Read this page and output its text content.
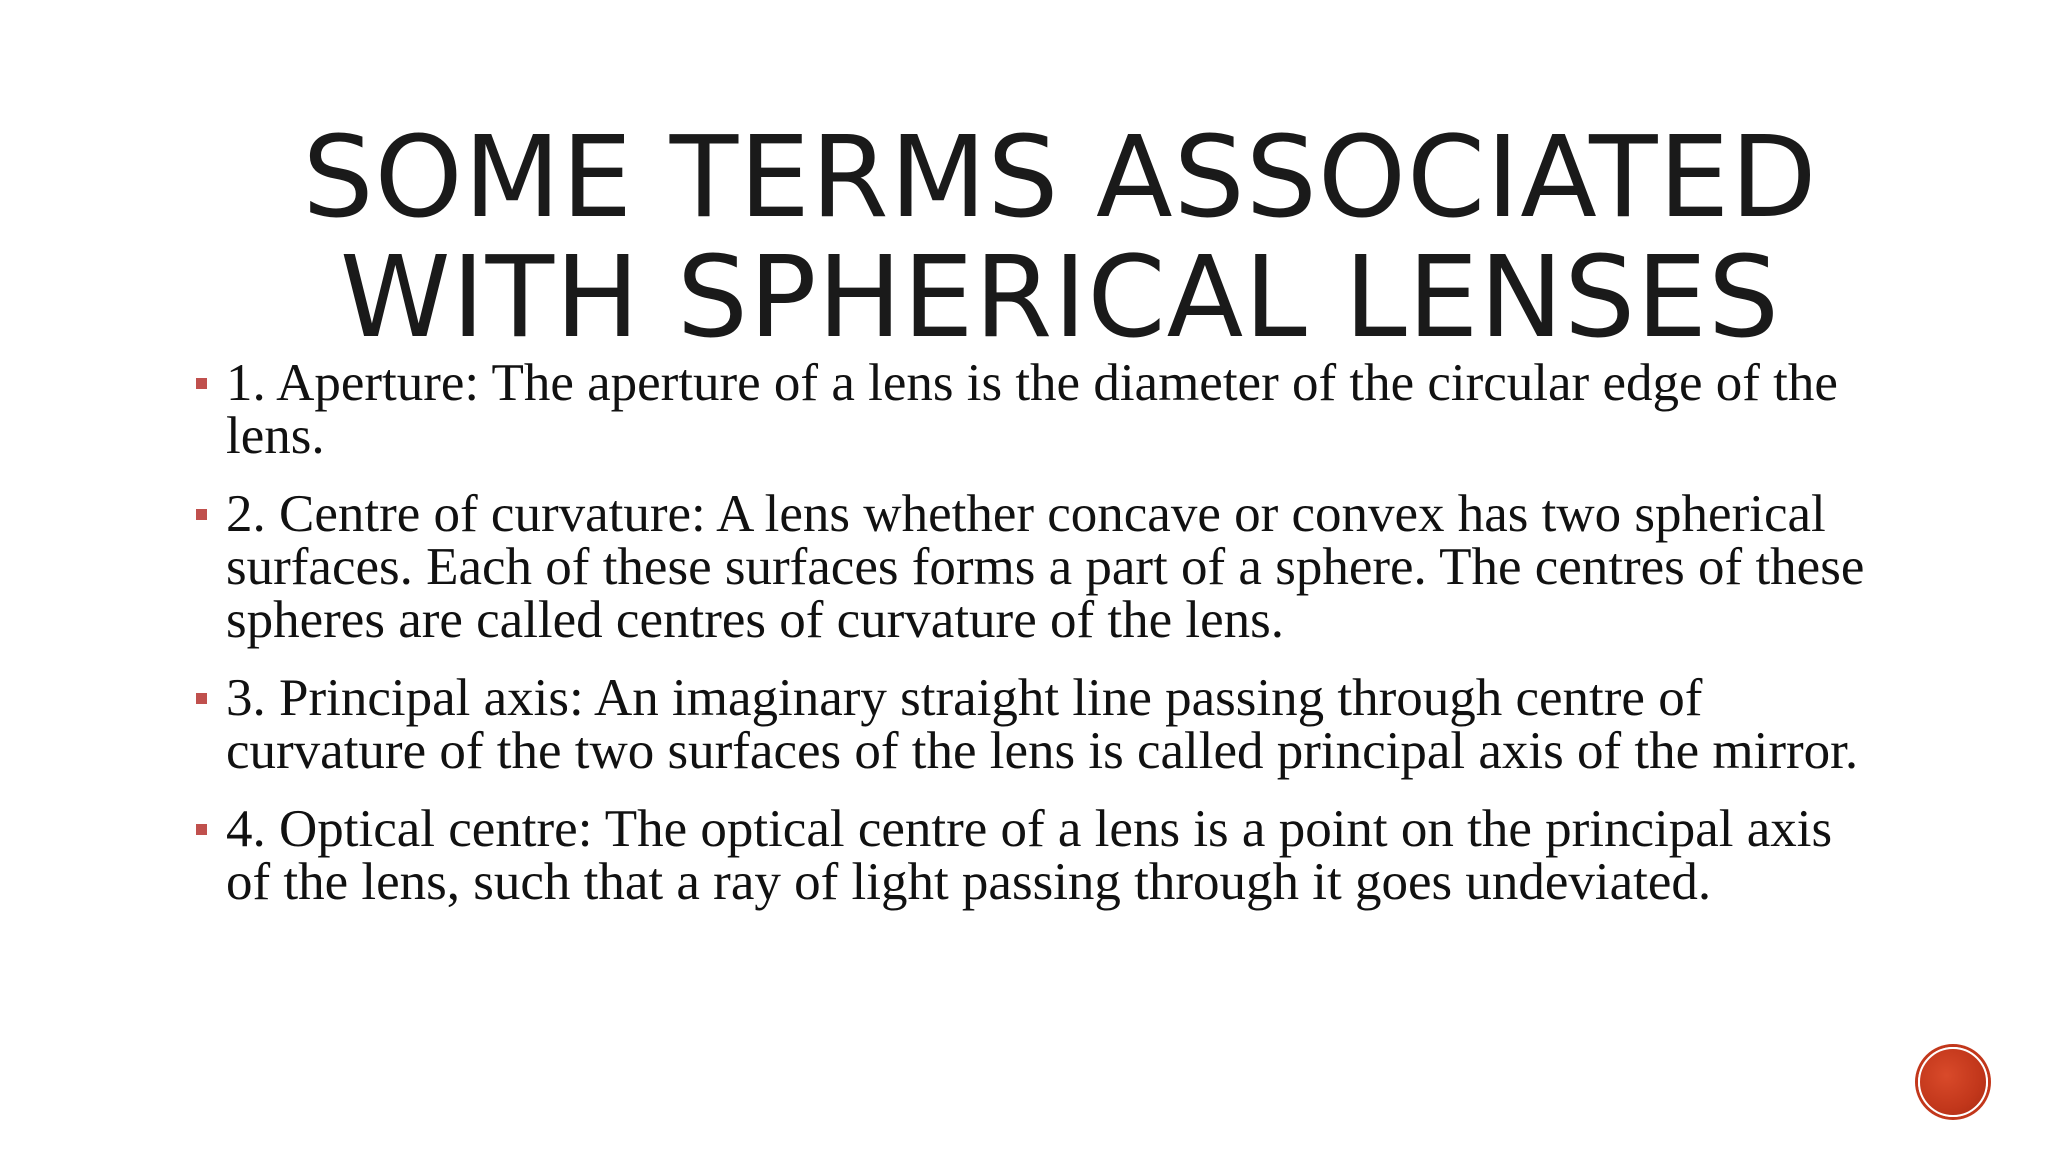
SOME TERMS ASSOCIATED
WITH SPHERICAL LENSES
1. Aperture: The aperture of a lens is the diameter of the circular edge of the lens.
2. Centre of curvature: A lens whether concave or convex has two spherical surfaces. Each of these surfaces forms a part of a sphere. The centres of these spheres are called centres of curvature of the lens.
3. Principal axis: An imaginary straight line passing through centre of curvature of the two surfaces of the lens is called principal axis of the mirror.
4. Optical centre: The optical centre of a lens is a point on the principal axis of the lens, such that a ray of light passing through it goes undeviated.
